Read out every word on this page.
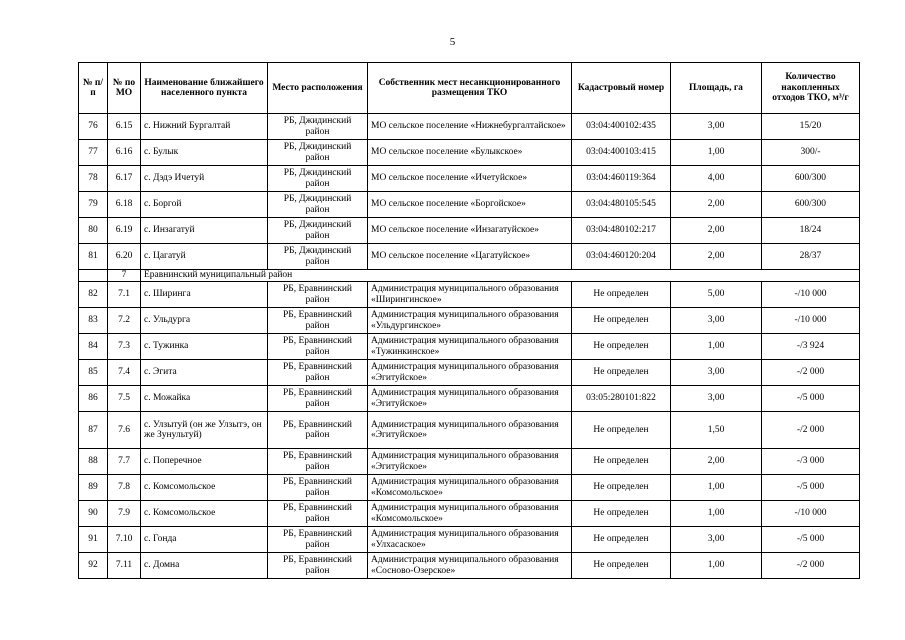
5
№ п/п	№ по МО	Наименование ближайшего населенного пункта	Место расположения	Собственник мест несанкционированного размещения ТКО	Кадастровый номер	Площадь, га	Количество накопленных отходов ТКО, м³/г
76	6.15	с. Нижний Бургалтай	РБ, Джидинский район	МО сельское поселение «Нижнебургалтайское»	03:04:400102:435	3,00	15/20
77	6.16	с. Булык	РБ, Джидинский район	МО сельское поселение «Булыкское»	03:04:400103:415	1,00	300/-
78	6.17	с. Дэдэ Ичетуй	РБ, Джидинский район	МО сельское поселение «Ичетуйское»	03:04:460119:364	4,00	600/300
79	6.18	с. Боргой	РБ, Джидинский район	МО сельское поселение «Боргойское»	03:04:480105:545	2,00	600/300
80	6.19	с. Инзагатуй	РБ, Джидинский район	МО сельское поселение «Инзагатуйское»	03:04:480102:217	2,00	18/24
81	6.20	с. Цагатуй	РБ, Джидинский район	МО сельское поселение «Цагатуйское»	03:04:460120:204	2,00	28/37
	7	Еравнинский муниципальный район					
82	7.1	с. Ширинга	РБ, Еравнинский район	Администрация муниципального образования «Ширингинское»	Не определен	5,00	-/10 000
83	7.2	с. Ульдурга	РБ, Еравнинский район	Администрация муниципального образования «Ульдургинское»	Не определен	3,00	-/10 000
84	7.3	с. Тужинка	РБ, Еравнинский район	Администрация муниципального образования «Тужинкинское»	Не определен	1,00	-/3 924
85	7.4	с. Эгита	РБ, Еравнинский район	Администрация муниципального образования «Эгитуйское»	Не определен	3,00	-/2 000
86	7.5	с. Можайка	РБ, Еравнинский район	Администрация муниципального образования «Эгитуйское»	03:05:280101:822	3,00	-/5 000
87	7.6	с. Улзытуй (он же Улзытэ, он же Зунультуй)	РБ, Еравнинский район	Администрация муниципального образования «Эгитуйское»	Не определен	1,50	-/2 000
88	7.7	с. Поперечное	РБ, Еравнинский район	Администрация муниципального образования «Эгитуйское»	Не определен	2,00	-/3 000
89	7.8	с. Комсомольское	РБ, Еравнинский район	Администрация муниципального образования «Комсомольское»	Не определен	1,00	-/5 000
90	7.9	с. Комсомольское	РБ, Еравнинский район	Администрация муниципального образования «Комсомольское»	Не определен	1,00	-/10 000
91	7.10	с. Гонда	РБ, Еравнинский район	Администрация муниципального образования «Улхасаское»	Не определен	3,00	-/5 000
92	7.11	с. Домна	РБ, Еравнинский район	Администрация муниципального образования «Сосново-Озерское»	Не определен	1,00	-/2 000
